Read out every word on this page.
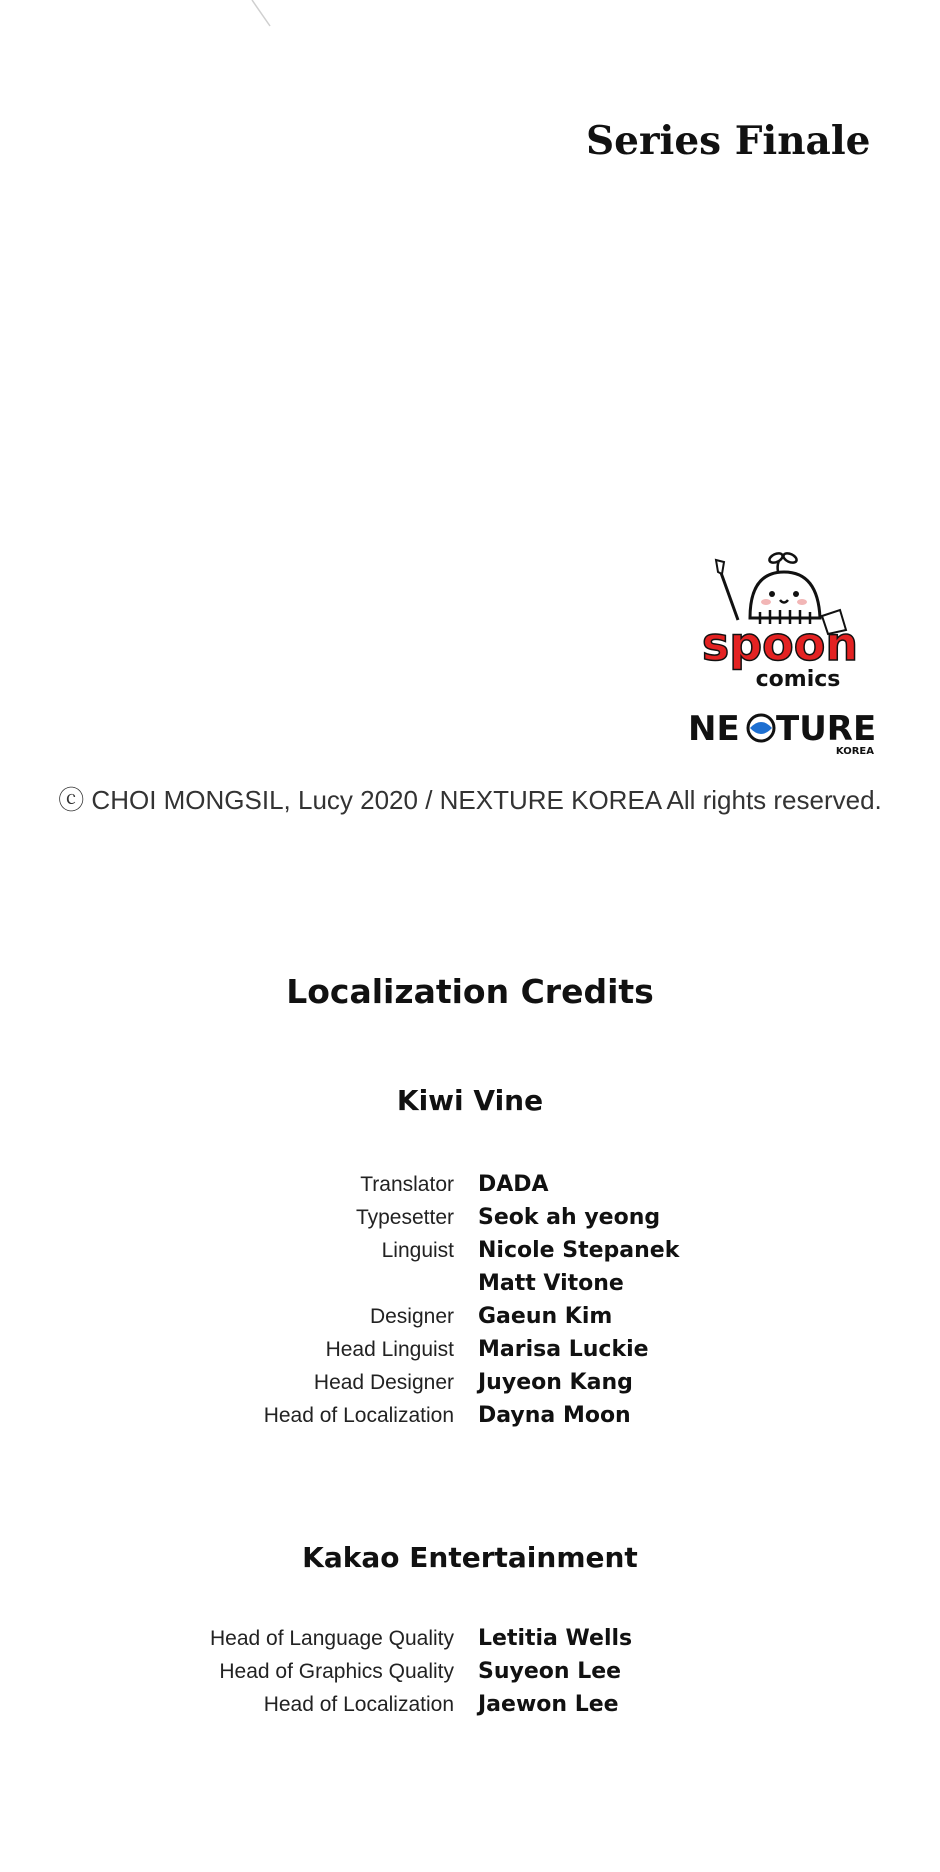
Series Finale
spoon
comics
NE TURE
KOREA
ⓒ CHOI MONGSIL, Lucy 2020 / NEXTURE KOREA All rights reserved.
Localization Credits
Kiwi Vine
Translator DADA
Typesetter Seok ah yeong
Linguist Nicole Stepanek
Matt Vitone
Designer Gaeun Kim
Head Linguist Marisa Luckie
Head Designer Juyeon Kang
Head of Localization Dayna Moon
Kakao Entertainment
Head of Language Quality Letitia Wells
Head of Graphics Quality Suyeon Lee
Head of Localization Jaewon Lee
